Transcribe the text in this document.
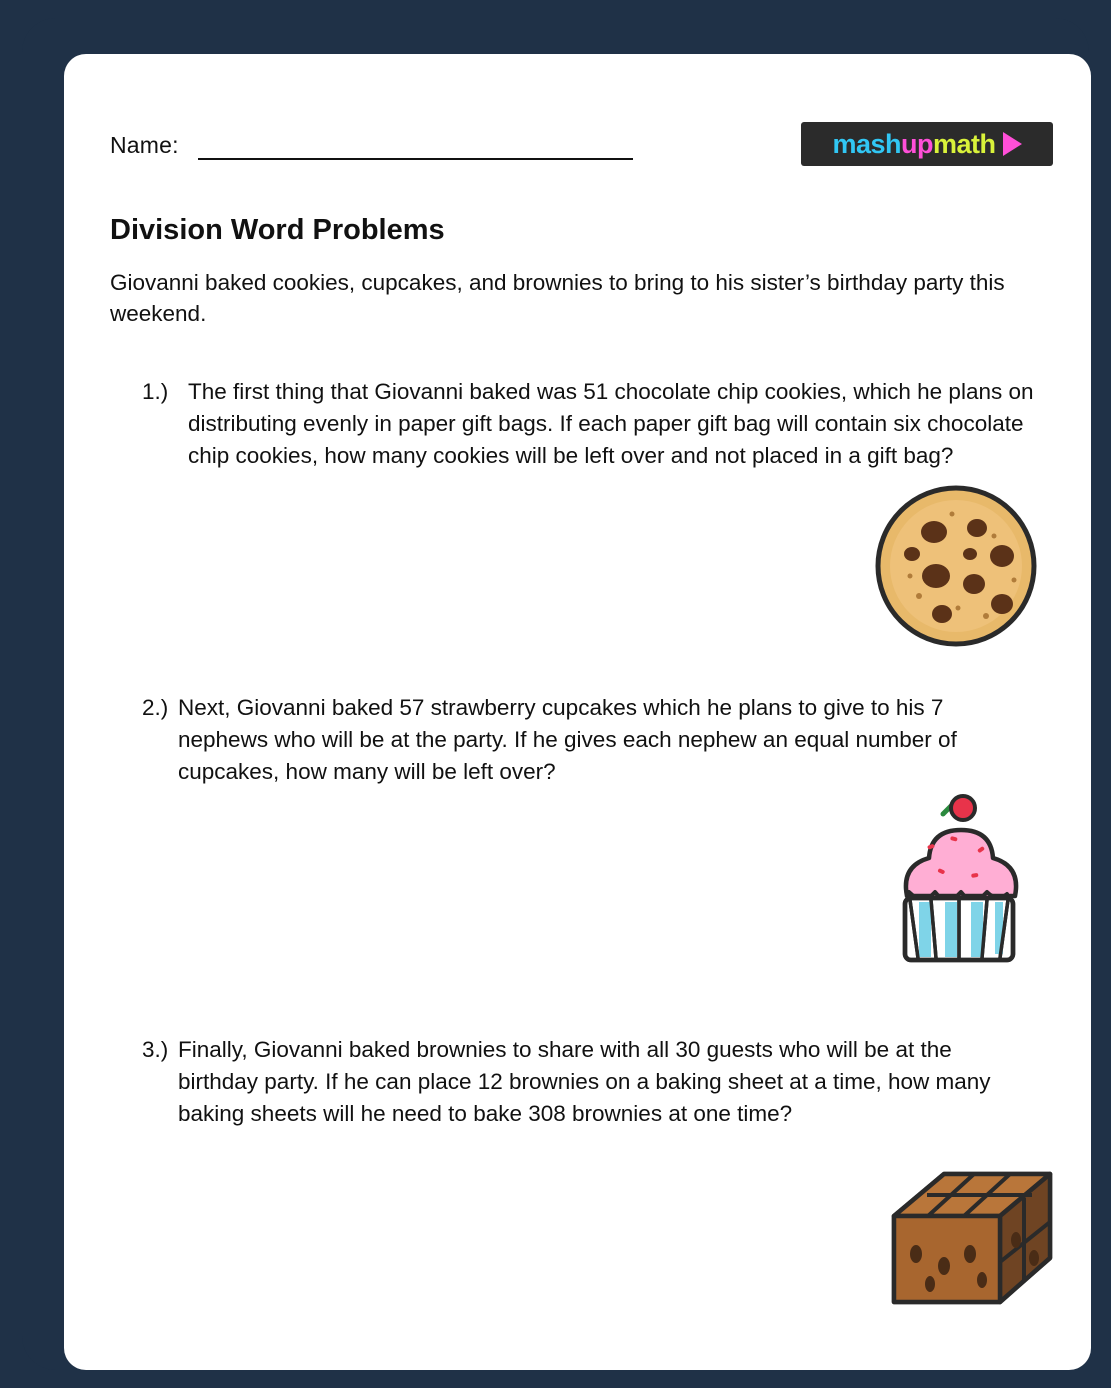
Name:	mash up math
Division Word Problems
Giovanni baked cookies, cupcakes, and brownies to bring to his sister’s birthday party this weekend.
1.) The first thing that Giovanni baked was 51 chocolate chip cookies, which he plans on distributing evenly in paper gift bags. If each paper gift bag will contain six chocolate chip cookies, how many cookies will be left over and not placed in a gift bag?
2.) Next, Giovanni baked 57 strawberry cupcakes which he plans to give to his 7 nephews who will be at the party. If he gives each nephew an equal number of cupcakes, how many will be left over?
3.) Finally, Giovanni baked brownies to share with all 30 guests who will be at the birthday party. If he can place 12 brownies on a baking sheet at a time, how many baking sheets will he need to bake 308 brownies at one time?
